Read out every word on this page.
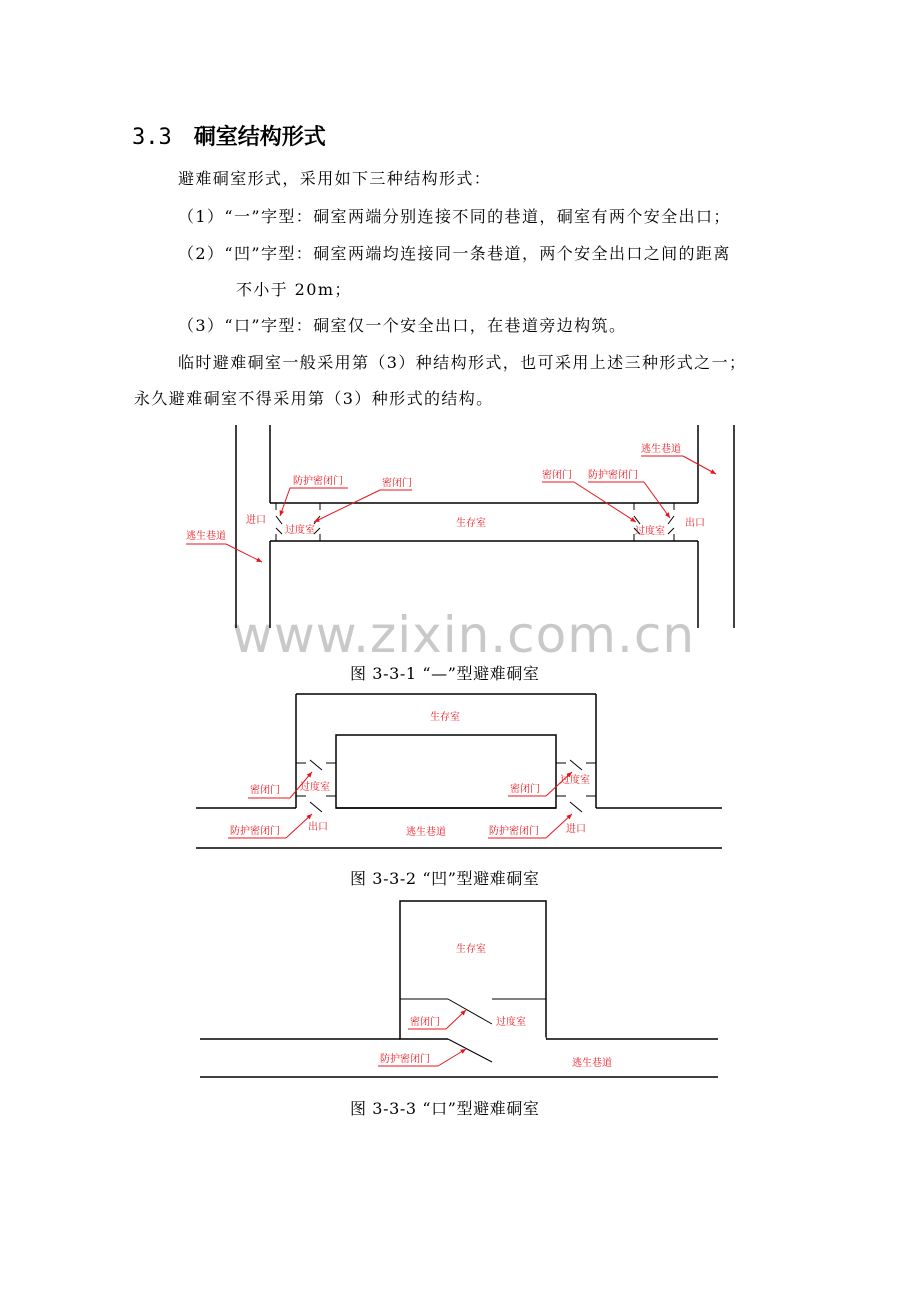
3.3 硐室结构形式
避难硐室形式，采用如下三种结构形式：
（1）“一”字型：硐室两端分别连接不同的巷道，硐室有两个安全出口；
（2）“凹”字型：硐室两端均连接同一条巷道，两个安全出口之间的距离
不小于 20m；
（3）“口”字型：硐室仅一个安全出口，在巷道旁边构筑。
临时避难硐室一般采用第（3）种结构形式，也可采用上述三种形式之一；
永久避难硐室不得采用第（3）种形式的结构。
www.zixin.com.cn
逃生巷道
逃生巷道
进口	出口
防护密闭门
防护密闭门
密闭门
密闭门
过度室	过度室
生存室
生存室
密闭门	密闭门
过度室
过度室
防护密闭门	防护密闭门
出口	进口
逃生巷道
生存室
密闭门	过度室
防护密闭门	逃生巷道
图 3-3-1 “—”型避难硐室
图 3-3-2 “凹”型避难硐室
图 3-3-3 “口”型避难硐室
